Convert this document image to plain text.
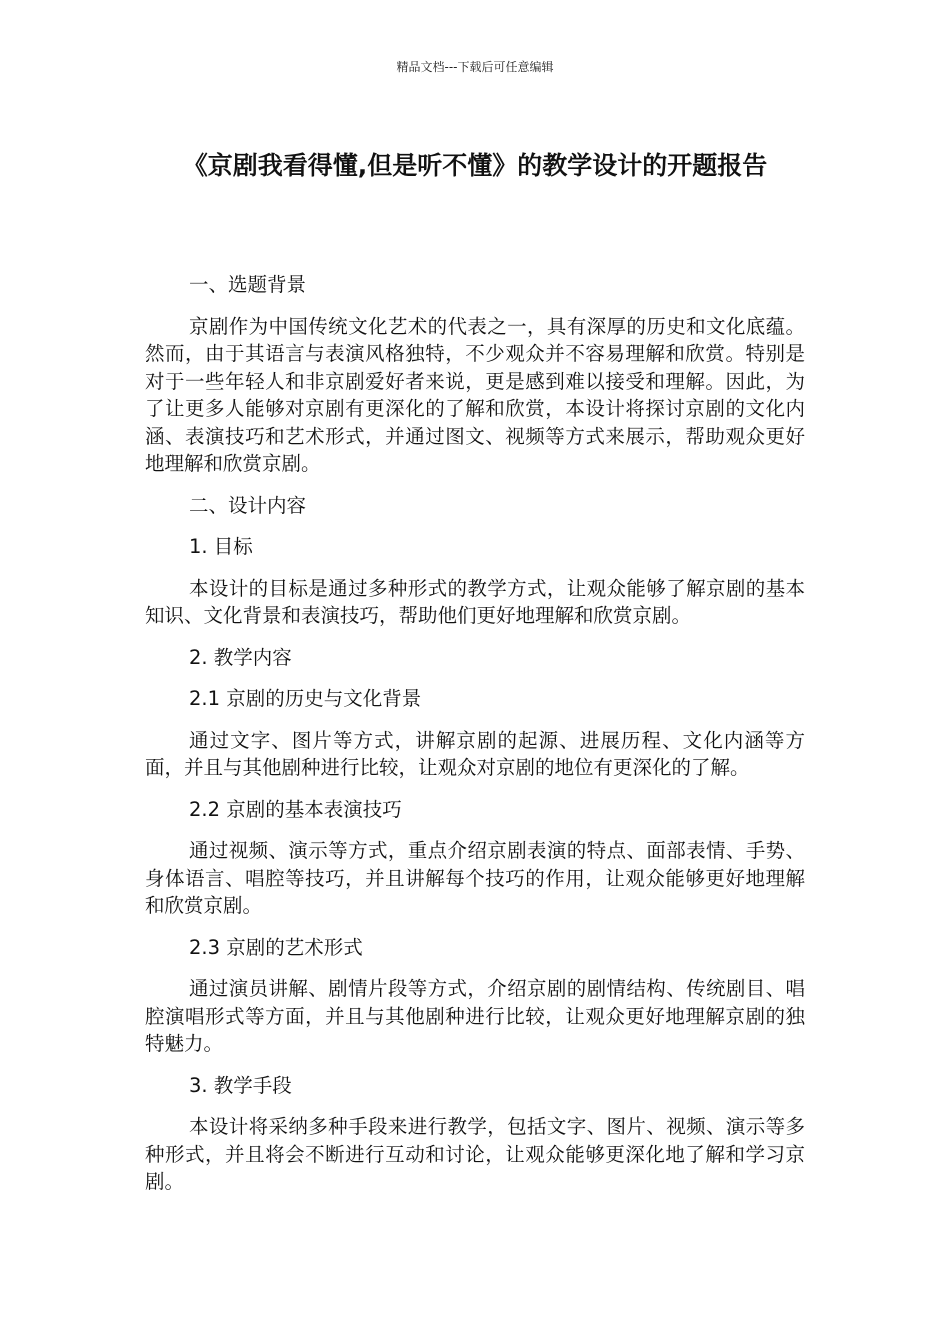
精品文档---下载后可任意编辑
《京剧我看得懂,但是听不懂》的教学设计的开题报告

一、选题背景

京剧作为中国传统文化艺术的代表之一，具有深厚的历史和文化底蕴。然而，由于其语言与表演风格独特，不少观众并不容易理解和欣赏。特别是对于一些年轻人和非京剧爱好者来说，更是感到难以接受和理解。因此，为了让更多人能够对京剧有更深化的了解和欣赏，本设计将探讨京剧的文化内涵、表演技巧和艺术形式，并通过图文、视频等方式来展示，帮助观众更好地理解和欣赏京剧。

二、设计内容

1. 目标

本设计的目标是通过多种形式的教学方式，让观众能够了解京剧的基本知识、文化背景和表演技巧，帮助他们更好地理解和欣赏京剧。

2. 教学内容

2.1 京剧的历史与文化背景

通过文字、图片等方式，讲解京剧的起源、进展历程、文化内涵等方面，并且与其他剧种进行比较，让观众对京剧的地位有更深化的了解。

2.2 京剧的基本表演技巧

通过视频、演示等方式，重点介绍京剧表演的特点、面部表情、手势、身体语言、唱腔等技巧，并且讲解每个技巧的作用，让观众能够更好地理解和欣赏京剧。

2.3 京剧的艺术形式

通过演员讲解、剧情片段等方式，介绍京剧的剧情结构、传统剧目、唱腔演唱形式等方面，并且与其他剧种进行比较，让观众更好地理解京剧的独特魅力。

3. 教学手段

本设计将采纳多种手段来进行教学，包括文字、图片、视频、演示等多种形式，并且将会不断进行互动和讨论，让观众能够更深化地了解和学习京剧。
